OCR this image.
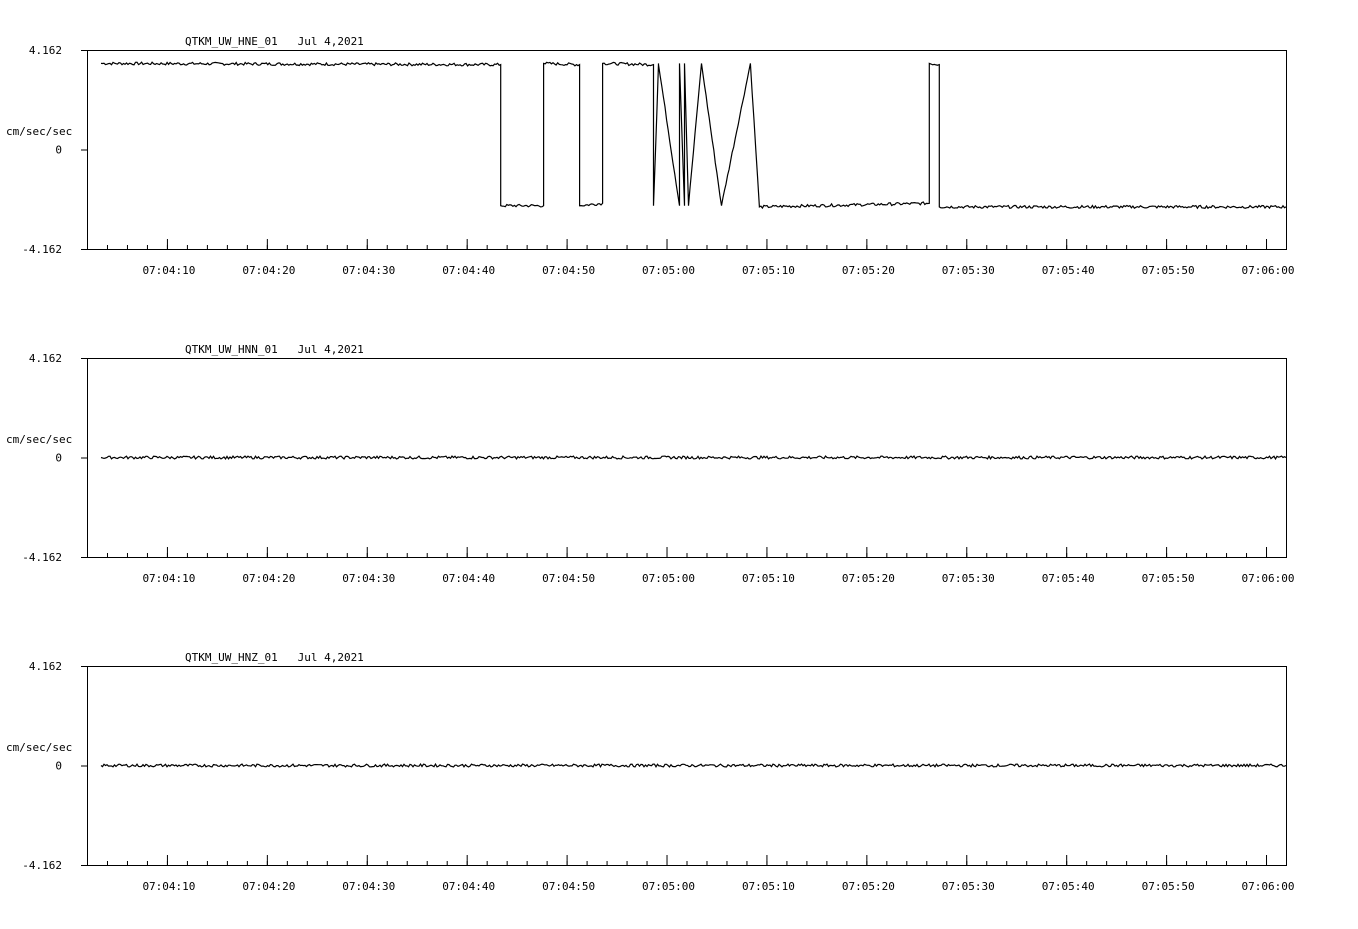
QTKM_UW_HNE_01   Jul 4,2021
cm/sec/sec
4.162
0
-4.162
07:04:10	07:04:20	07:04:30	07:04:40	07:04:50	07:05:00	07:05:10	07:05:20	07:05:30	07:05:40	07:05:50	07:06:00
QTKM_UW_HNN_01   Jul 4,2021
cm/sec/sec
4.162
0
-4.162
07:04:10	07:04:20	07:04:30	07:04:40	07:04:50	07:05:00	07:05:10	07:05:20	07:05:30	07:05:40	07:05:50	07:06:00
QTKM_UW_HNZ_01   Jul 4,2021
cm/sec/sec
4.162
0
-4.162
07:04:10	07:04:20	07:04:30	07:04:40	07:04:50	07:05:00	07:05:10	07:05:20	07:05:30	07:05:40	07:05:50	07:06:00
